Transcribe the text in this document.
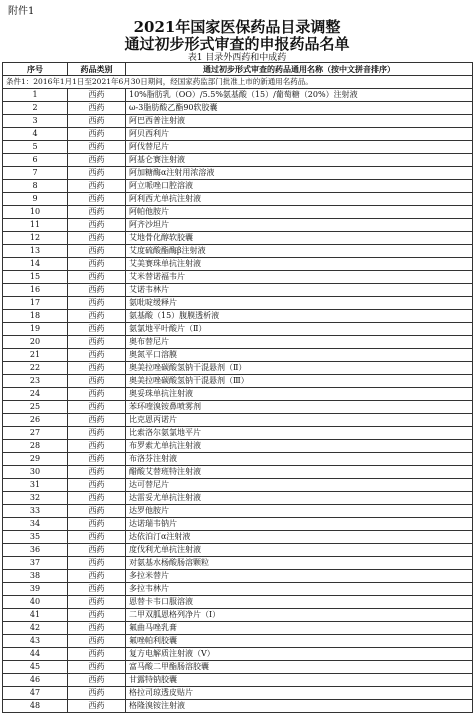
附件1
2021年国家医保药品目录调整
通过初步形式审查的申报药品名单
表1 目录外西药和中成药
序号	药品类别	通过初步形式审查的药品通用名称（按中文拼音排序）
条件1：2016年1月1日至2021年6月30日期间，经国家药监部门批准上市的新通用名药品。		
1	西药	10%脂肪乳（OO）/5.5%氨基酸（15）/葡萄糖（20%）注射液
2	西药	ω-3脂肪酸乙酯90软胶囊
3	西药	阿巴西普注射液
4	西药	阿贝西利片
5	西药	阿伐替尼片
6	西药	阿基仑赛注射液
7	西药	阿加糖酶α注射用浓溶液
8	西药	阿立哌唑口腔溶液
9	西药	阿利西尤单抗注射液
10	西药	阿帕他胺片
11	西药	阿齐沙坦片
12	西药	艾地骨化醇软胶囊
13	西药	艾度硫酸酯酶β注射液
14	西药	艾美赛珠单抗注射液
15	西药	艾米替诺福韦片
16	西药	艾诺韦林片
17	西药	氨吡啶缓释片
18	西药	氨基酸（15）腹膜透析液
19	西药	氨氯地平叶酸片（Ⅱ）
20	西药	奥布替尼片
21	西药	奥氮平口溶膜
22	西药	奥美拉唑碳酸氢钠干混悬剂（Ⅱ）
23	西药	奥美拉唑碳酸氢钠干混悬剂（Ⅲ）
24	西药	奥妥珠单抗注射液
25	西药	苯环喹溴铵鼻喷雾剂
26	西药	比克恩丙诺片
27	西药	比索洛尔氨氯地平片
28	西药	布罗索尤单抗注射液
29	西药	布洛芬注射液
30	西药	醋酸艾替班特注射液
31	西药	达可替尼片
32	西药	达雷妥尤单抗注射液
33	西药	达罗他胺片
34	西药	达诺瑞韦钠片
35	西药	达依泊汀α注射液
36	西药	度伐利尤单抗注射液
37	西药	对氨基水杨酸肠溶颗粒
38	西药	多拉米替片
39	西药	多拉韦林片
40	西药	恩替卡韦口服溶液
41	西药	二甲双胍恩格列净片（Ⅰ）
42	西药	氟曲马唑乳膏
43	西药	氟唑帕利胶囊
44	西药	复方电解质注射液（Ⅴ）
45	西药	富马酸二甲酯肠溶胶囊
46	西药	甘露特钠胶囊
47	西药	格拉司琼透皮贴片
48	西药	格隆溴铵注射液
